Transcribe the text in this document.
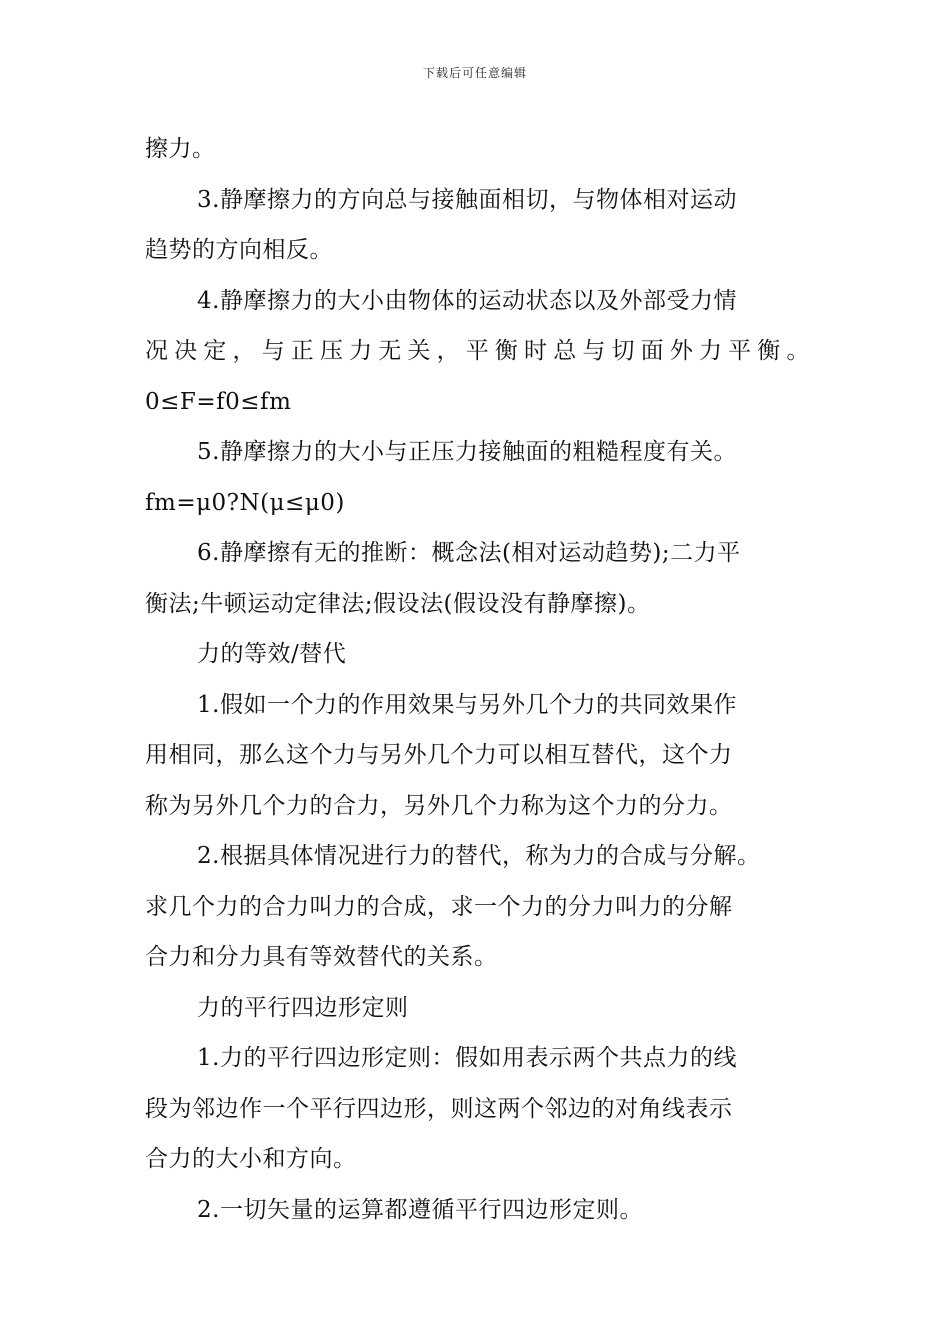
下载后可任意编辑
擦力。
3.静摩擦力的方向总与接触面相切，与物体相对运动
趋势的方向相反。
4.静摩擦力的大小由物体的运动状态以及外部受力情
况 决 定 ， 与 正 压 力 无 关 ， 平 衡 时 总 与 切 面 外 力 平 衡 。
0≤F=f0≤fm
5.静摩擦力的大小与正压力接触面的粗糙程度有关。
fm=μ0?N(μ≤μ0)
6.静摩擦有无的推断：概念法(相对运动趋势);二力平
衡法;牛顿运动定律法;假设法(假设没有静摩擦)。
力的等效/替代
1.假如一个力的作用效果与另外几个力的共同效果作
用相同，那么这个力与另外几个力可以相互替代，这个力
称为另外几个力的合力，另外几个力称为这个力的分力。
2.根据具体情况进行力的替代，称为力的合成与分解。
求几个力的合力叫力的合成，求一个力的分力叫力的分解
合力和分力具有等效替代的关系。
力的平行四边形定则
1.力的平行四边形定则：假如用表示两个共点力的线
段为邻边作一个平行四边形，则这两个邻边的对角线表示
合力的大小和方向。
2.一切矢量的运算都遵循平行四边形定则。
